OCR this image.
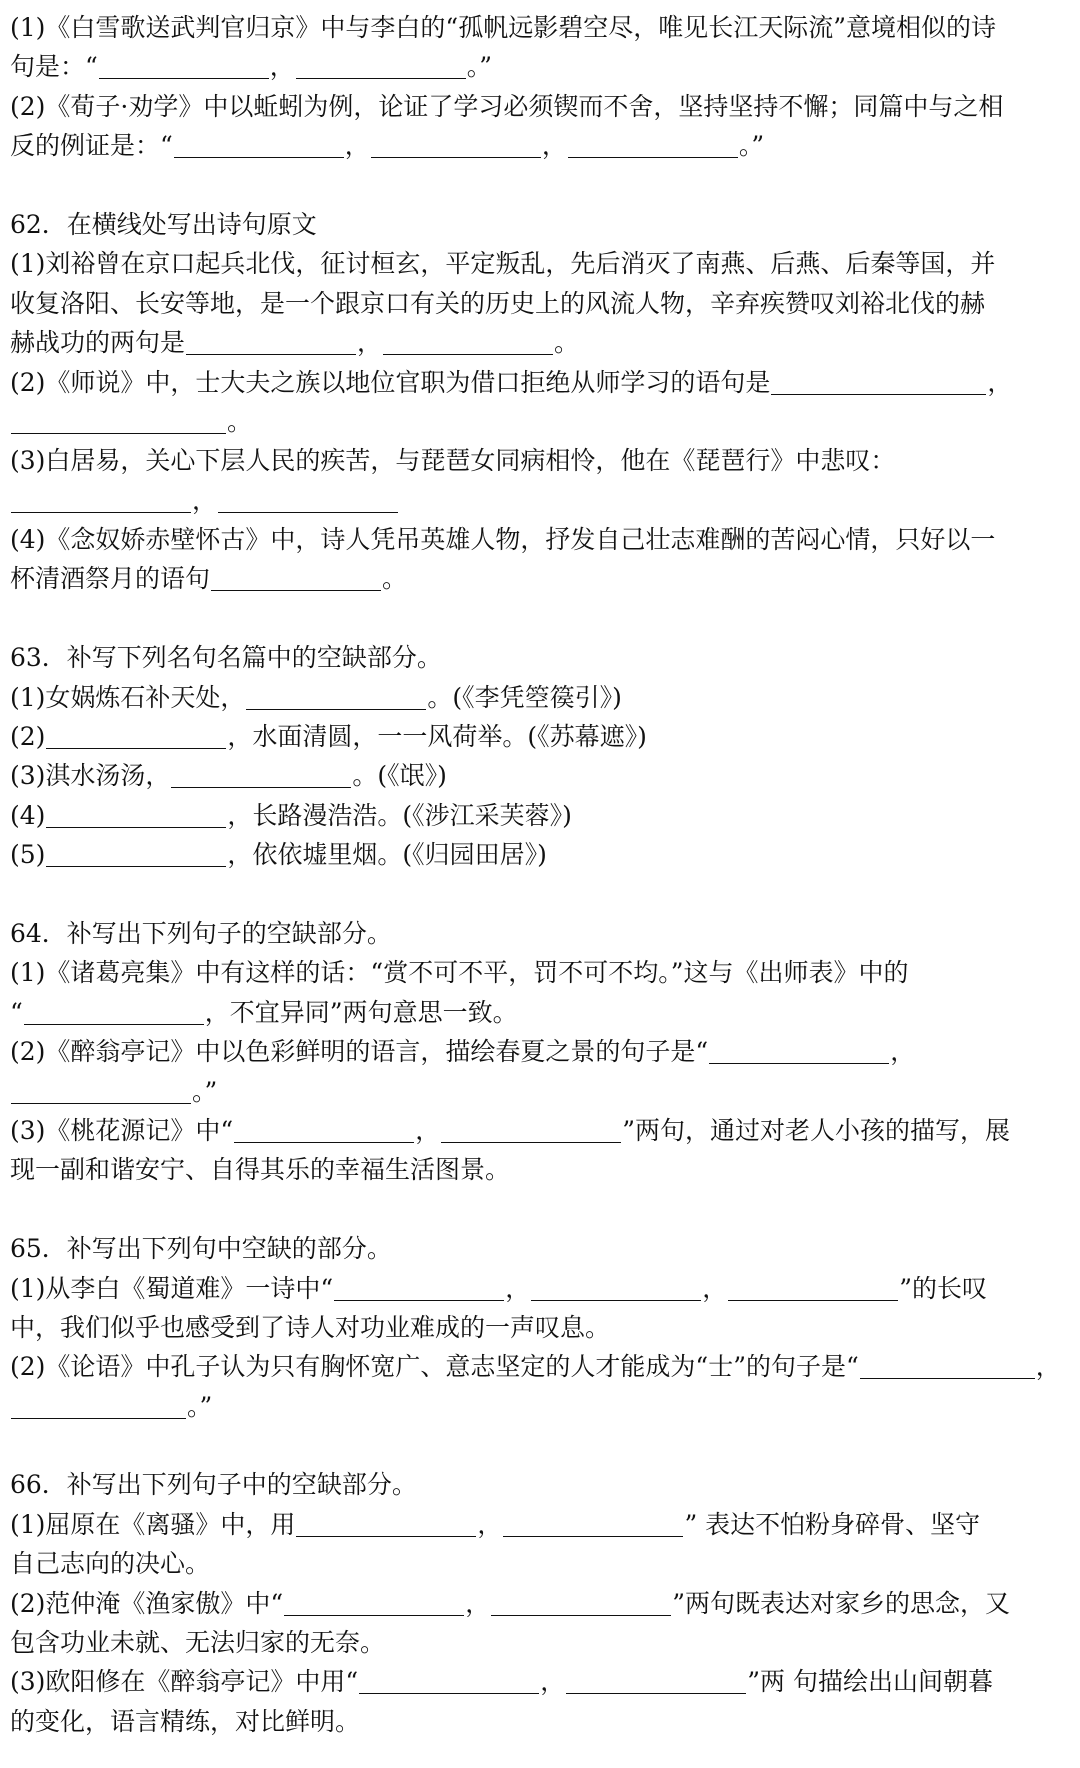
(1)《白雪歌送武判官归京》中与李白的“孤帆远影碧空尽，唯见长江天际流”意境相似的诗
句是：“	，	。”
(2)《荀子·劝学》中以蚯蚓为例，论证了学习必须锲而不舍，坚持坚持不懈；同篇中与之相
反的例证是：“	，	，	。”
62．在横线处写出诗句原文
(1)刘裕曾在京口起兵北伐，征讨桓玄，平定叛乱，先后消灭了南燕、后燕、后秦等国，并
收复洛阳、长安等地，是一个跟京口有关的历史上的风流人物，辛弃疾赞叹刘裕北伐的赫
赫战功的两句是	，	。
(2)《师说》中，士大夫之族以地位官职为借口拒绝从师学习的语句是	，
。
(3)白居易，关心下层人民的疾苦，与琵琶女同病相怜，他在《琵琶行》中悲叹：
，
(4)《念奴娇赤壁怀古》中，诗人凭吊英雄人物，抒发自己壮志难酬的苦闷心情，只好以一
杯清酒祭月的语句	。
63．补写下列名句名篇中的空缺部分。
(1)女娲炼石补天处，	。(《李凭箜篌引》)
(2)	，水面清圆，一一风荷举。(《苏幕遮》)
(3)淇水汤汤，	。(《氓》)
(4)	，长路漫浩浩。(《涉江采芙蓉》)
(5)	，依依墟里烟。(《归园田居》)
64．补写出下列句子的空缺部分。
(1)《诸葛亮集》中有这样的话：“赏不可不平，罚不可不均。”这与《出师表》中的
“	，不宜异同”两句意思一致。
(2)《醉翁亭记》中以色彩鲜明的语言，描绘春夏之景的句子是“	，
。”
(3)《桃花源记》中“	，	”两句，通过对老人小孩的描写，展
现一副和谐安宁、自得其乐的幸福生活图景。
65．补写出下列句中空缺的部分。
(1)从李白《蜀道难》一诗中“	，	，	”的长叹
中，我们似乎也感受到了诗人对功业难成的一声叹息。
(2)《论语》中孔子认为只有胸怀宽广、意志坚定的人才能成为“士”的句子是“	，
。”
66．补写出下列句子中的空缺部分。
(1)屈原在《离骚》中，用	，	” 表达不怕粉身碎骨、坚守
自己志向的决心。
(2)范仲淹《渔家傲》中“	，	”两句既表达对家乡的思念，又
包含功业未就、无法归家的无奈。
(3)欧阳修在《醉翁亭记》中用“	，	”两 句描绘出山间朝暮
的变化，语言精练，对比鲜明。
